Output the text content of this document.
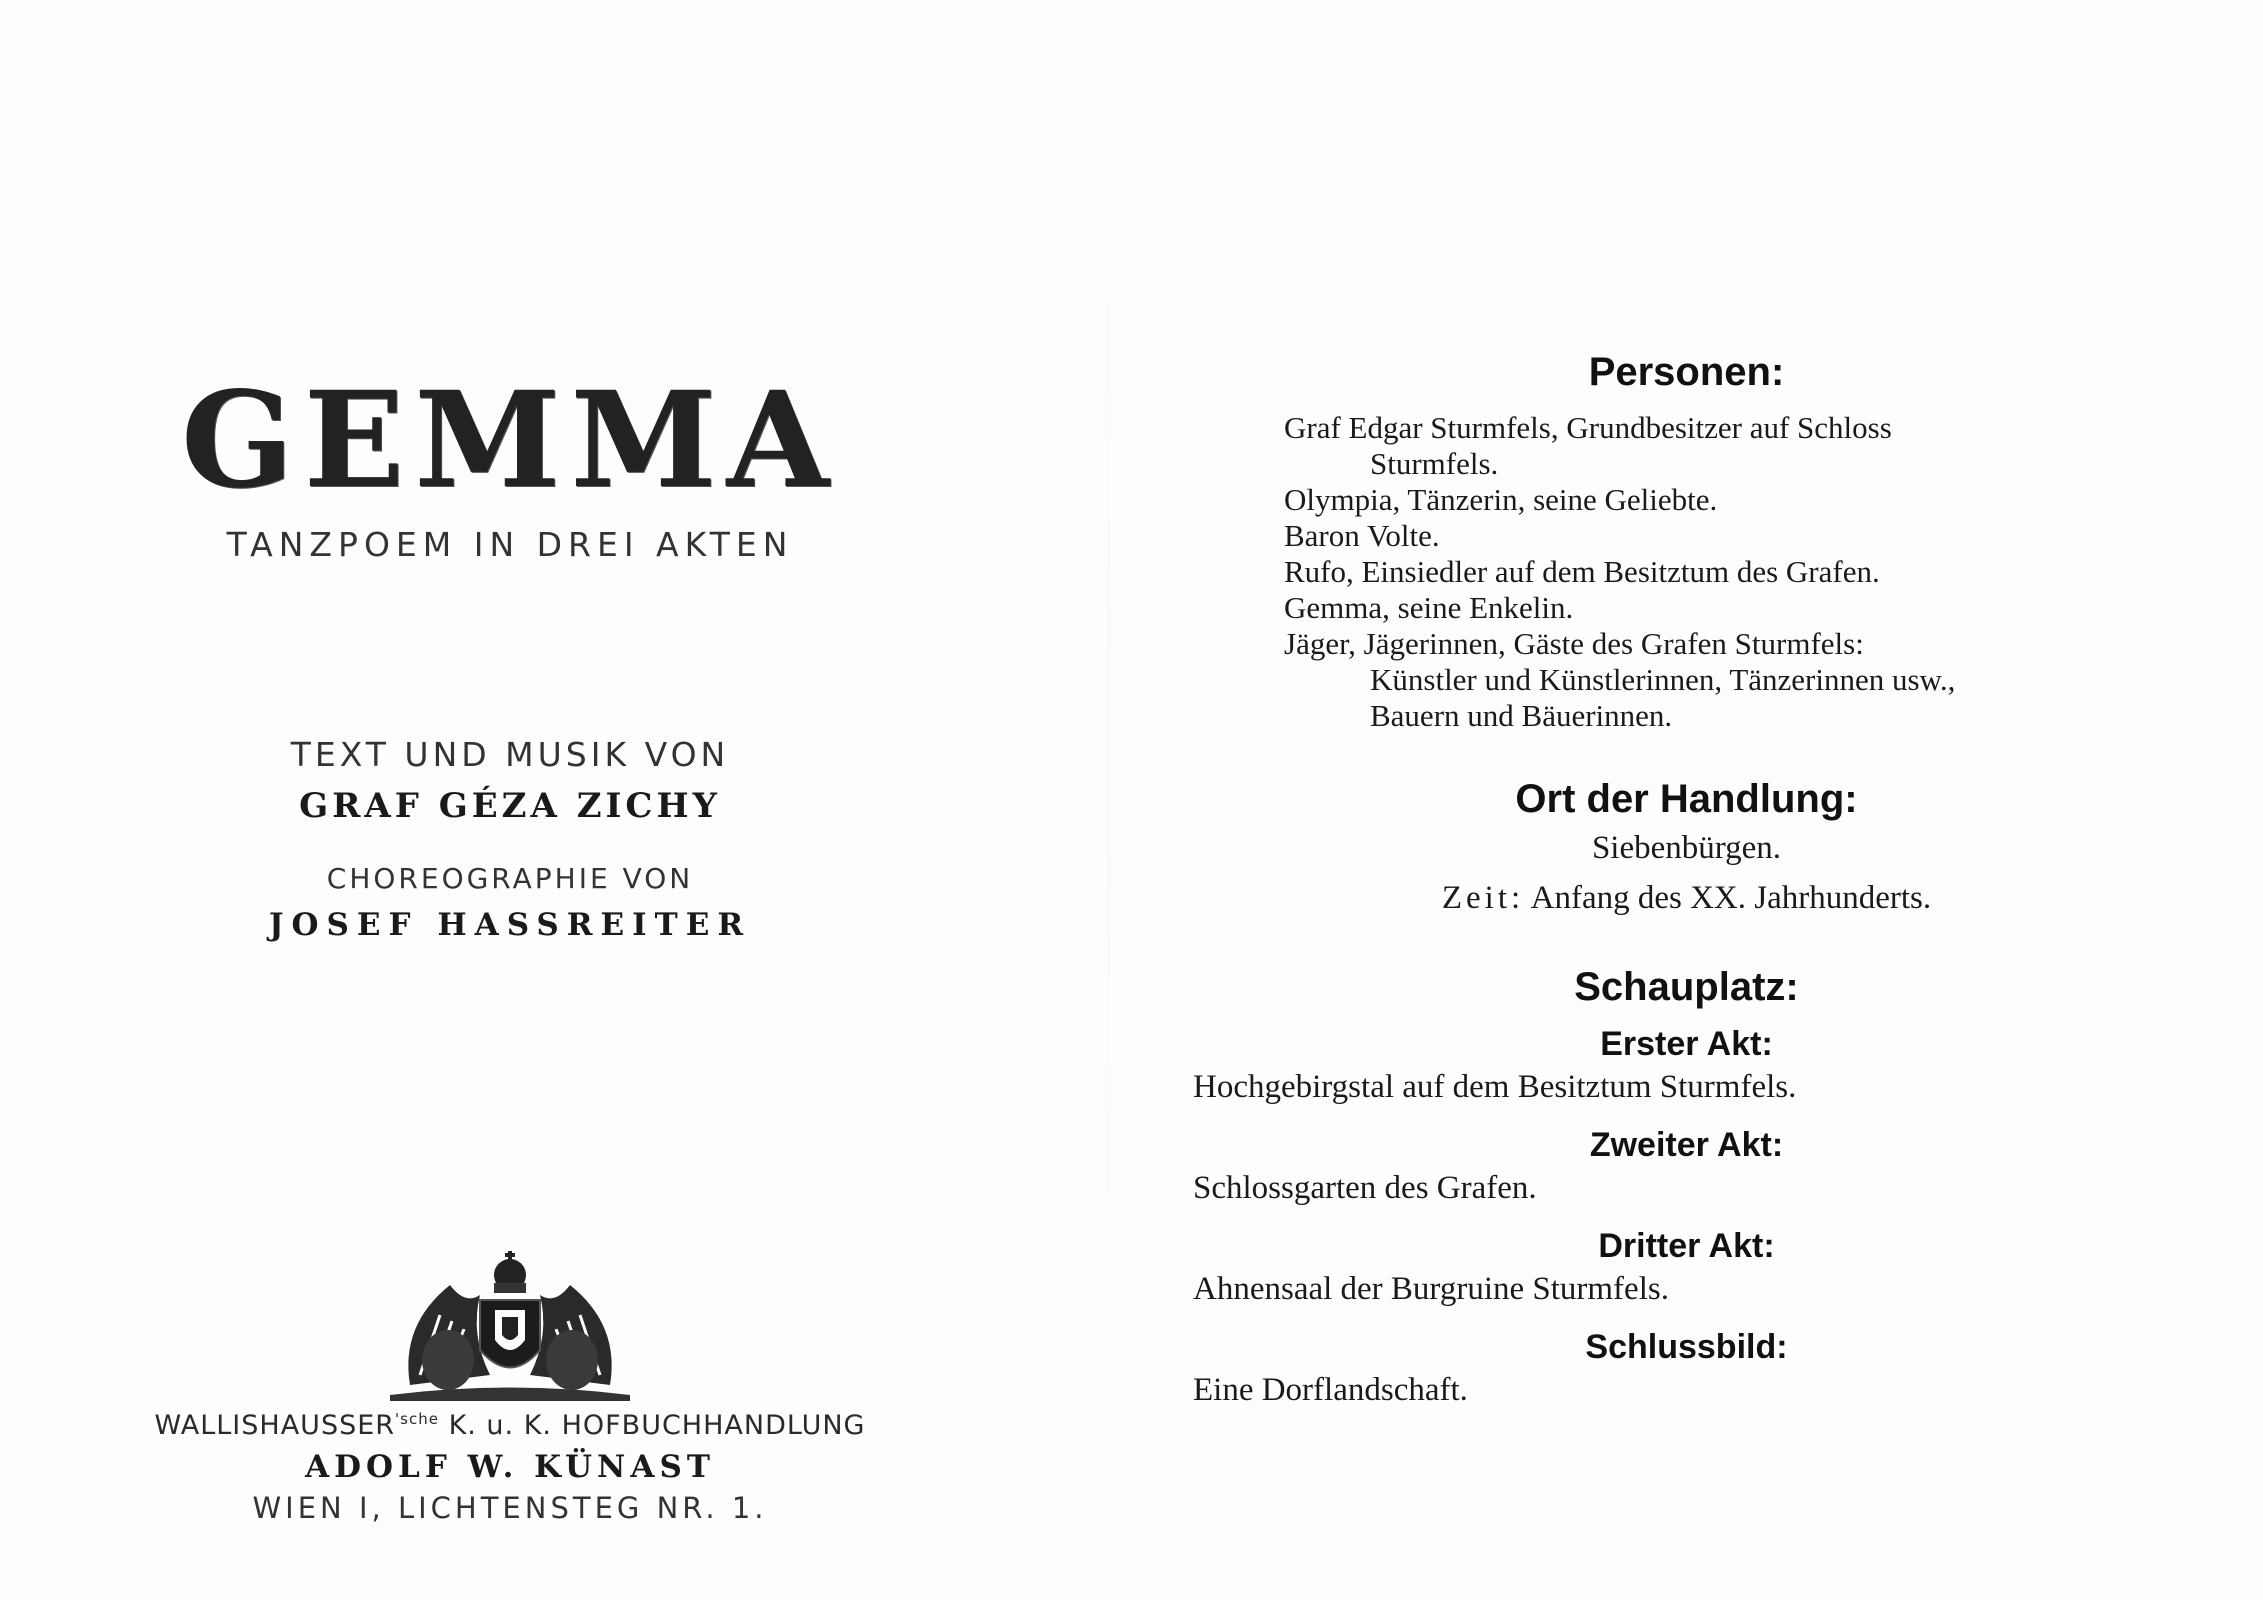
GEMMA
TANZPOEM IN DREI AKTEN
TEXT UND MUSIK VON
GRAF GÉZA ZICHY
CHOREOGRAPHIE VON
JOSEF HASSREITER
$WALLISHAUSSER^{'sche}$ K. u. K. HOFBUCHHANDLUNG
ADOLF W. KÜNAST
WIEN I, LICHTENSTEG NR. 1.
Personen:
Graf Edgar Sturmfels, Grundbesitzer auf Schloss
Sturmfels.
Olympia, Tänzerin, seine Geliebte.
Baron Volte.
Rufo, Einsiedler auf dem Besitztum des Grafen.
Gemma, seine Enkelin.
Jäger, Jägerinnen, Gäste des Grafen Sturmfels:
Künstler und Künstlerinnen, Tänzerinnen usw.,
Bauern und Bäuerinnen.
Ort der Handlung:
Siebenbürgen.
Zeit: Anfang des XX. Jahrhunderts.
Schauplatz:
Erster Akt:
Hochgebirgstal auf dem Besitztum Sturmfels.
Zweiter Akt:
Schlossgarten des Grafen.
Dritter Akt:
Ahnensaal der Burgruine Sturmfels.
Schlussbild:
Eine Dorflandschaft.
